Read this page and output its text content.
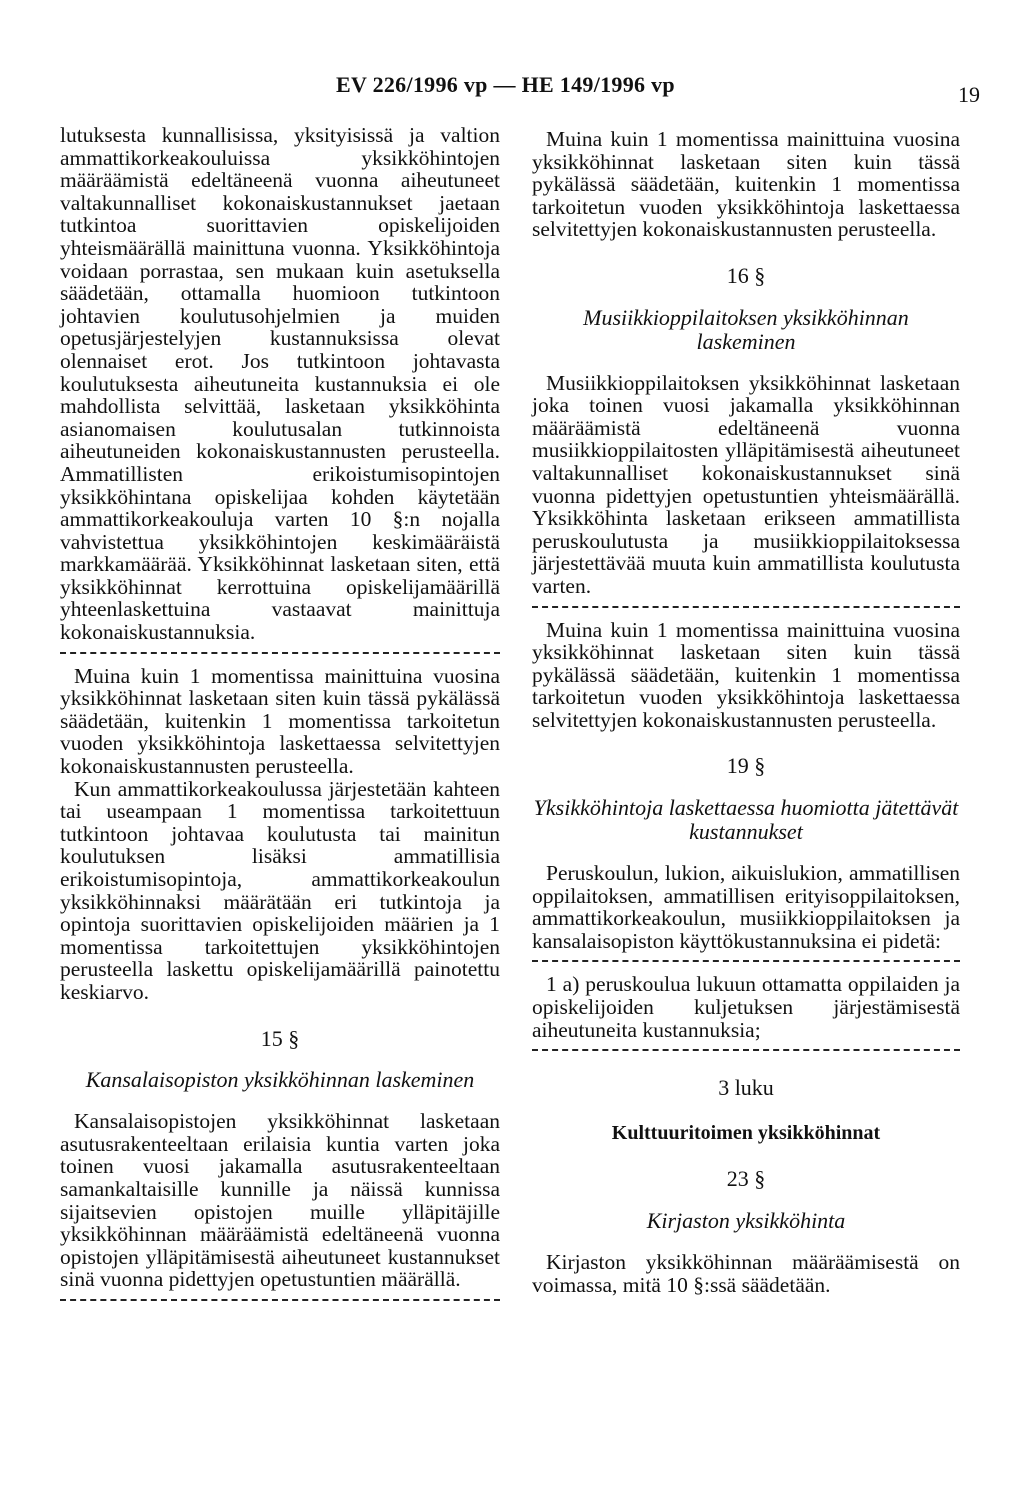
EV 226/1996 vp — HE 149/1996 vp	19

lutuksesta kunnallisissa, yksityisissä ja valtion ammattikorkeakouluissa yksikköhintojen määräämistä edeltäneenä vuonna aiheutuneet valtakunnalliset kokonaiskustannukset jaetaan tutkintoa suorittavien opiskelijoiden yhteismäärällä mainittuna vuonna. Yksikköhintoja voidaan porrastaa, sen mukaan kuin asetuksella säädetään, ottamalla huomioon tutkintoon johtavien koulutusohjelmien ja muiden opetusjärjestelyjen kustannuksissa olevat olennaiset erot. Jos tutkintoon johtavasta koulutuksesta aiheutuneita kustannuksia ei ole mahdollista selvittää, lasketaan yksikköhinta asianomaisen koulutusalan tutkinnoista aiheutuneiden kokonaiskustannusten perusteella. Ammatillisten erikoistumisopintojen yksikköhintana opiskelijaa kohden käytetään ammattikorkeakouluja varten 10 §:n nojalla vahvistettua yksikköhintojen keskimääräistä markkamäärää. Yksikköhinnat lasketaan siten, että yksikköhinnat kerrottuina opiskelijamäärillä yhteenlaskettuina vastaavat mainittuja kokonaiskustannuksia.

Muina kuin 1 momentissa mainittuina vuosina yksikköhinnat lasketaan siten kuin tässä pykälässä säädetään, kuitenkin 1 momentissa tarkoitetun vuoden yksikköhintoja laskettaessa selvitettyjen kokonaiskustannusten perusteella.

Kun ammattikorkeakoulussa järjestetään kahteen tai useampaan 1 momentissa tarkoitettuun tutkintoon johtavaa koulutusta tai mainitun koulutuksen lisäksi ammatillisia erikoistumisopintoja, ammattikorkeakoulun yksikköhinnaksi määrätään eri tutkintoja ja opintoja suorittavien opiskelijoiden määrien ja 1 momentissa tarkoitettujen yksikköhintojen perusteella laskettu opiskelijamäärillä painotettu keskiarvo.

15 §
Kansalaisopiston yksikköhinnan laskeminen

Kansalaisopistojen yksikköhinnat lasketaan asutusrakenteeltaan erilaisia kuntia varten joka toinen vuosi jakamalla asutusrakenteeltaan samankaltaisille kunnille ja näissä kunnissa sijaitsevien opistojen muille ylläpitäjille yksikköhinnan määräämistä edeltäneenä vuonna opistojen ylläpitämisestä aiheutuneet kustannukset sinä vuonna pidettyjen opetustuntien määrällä.

Muina kuin 1 momentissa mainittuina vuosina yksikköhinnat lasketaan siten kuin tässä pykälässä säädetään, kuitenkin 1 momentissa tarkoitetun vuoden yksikköhintoja laskettaessa selvitettyjen kokonaiskustannusten perusteella.

16 §
Musiikkioppilaitoksen yksikköhinnan laskeminen

Musiikkioppilaitoksen yksikköhinnat lasketaan joka toinen vuosi jakamalla yksikköhinnan määräämistä edeltäneenä vuonna musiikkioppilaitosten ylläpitämisestä aiheutuneet valtakunnalliset kokonaiskustannukset sinä vuonna pidettyjen opetustuntien yhteismäärällä. Yksikköhinta lasketaan erikseen ammatillista peruskoulutusta ja musiikkioppilaitoksessa järjestettävää muuta kuin ammatillista koulutusta varten.

Muina kuin 1 momentissa mainittuina vuosina yksikköhinnat lasketaan siten kuin tässä pykälässä säädetään, kuitenkin 1 momentissa tarkoitetun vuoden yksikköhintoja laskettaessa selvitettyjen kokonaiskustannusten perusteella.

19 §
Yksikköhintoja laskettaessa huomiotta jätettävät kustannukset

Peruskoulun, lukion, aikuislukion, ammatillisen oppilaitoksen, ammatillisen erityisoppilaitoksen, ammattikorkeakoulun, musiikkioppilaitoksen ja kansalaisopiston käyttökustannuksina ei pidetä:

1 a) peruskoulua lukuun ottamatta oppilaiden ja opiskelijoiden kuljetuksen järjestämisestä aiheutuneita kustannuksia;

3 luku
Kulttuuritoimen yksikköhinnat
23 §
Kirjaston yksikköhinta

Kirjaston yksikköhinnan määräämisestä on voimassa, mitä 10 §:ssä säädetään.
